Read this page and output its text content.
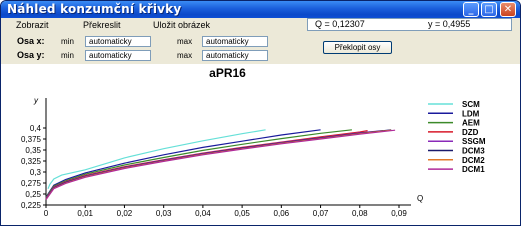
Náhled konzumční křivky	_	□	✕
Zobrazit	Překreslit	Uložit obrázek	Q = 0,12307	y = 0,4955
Osa x: min	automaticky	max	automaticky
Osa y: min	automaticky	max	automaticky
Překlopit osy
aPR16
Q
y
0	0,01	0,02	0,03	0,04	0,05	0,06	0,07	0,08	0,09
0,225
0,25
0,275
0,3
0,325
0,35
0,375
0,4
SCM
LDM
AEM
DZD
SSGM
DCM3
DCM2
DCM1
